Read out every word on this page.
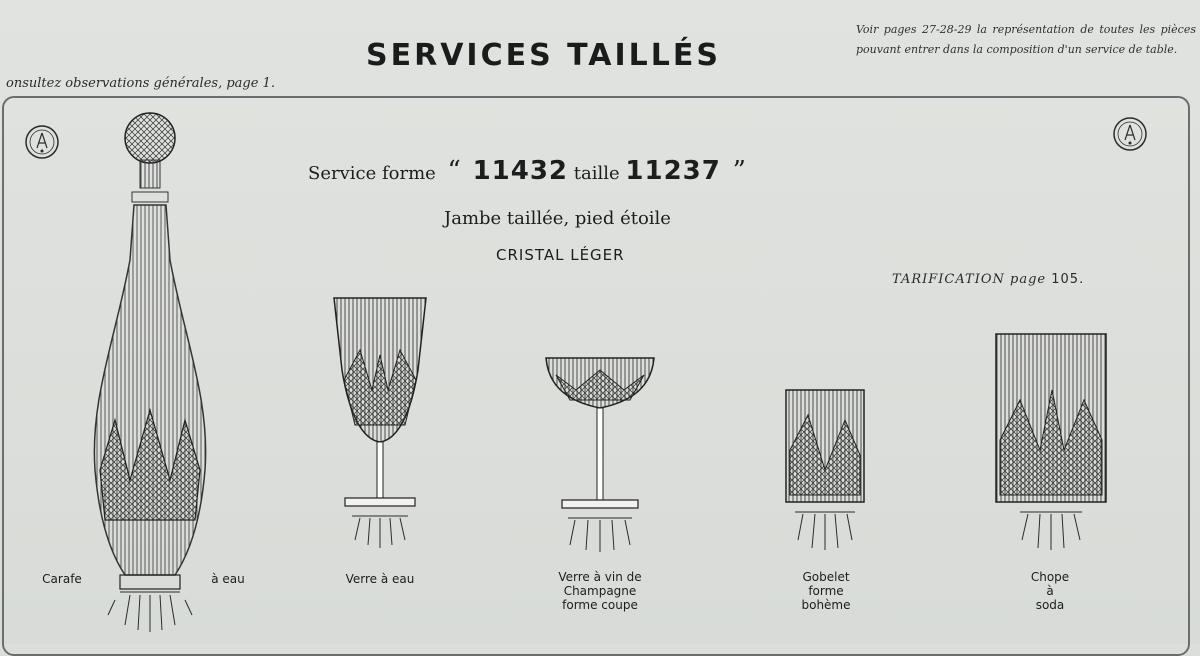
SERVICES TAILLÉS
onsultez observations générales, page 1.
Voir pages 27-28-29 la représentation de toutes les pièces pouvant entrer dans la composition d'un service de table.
Service forme “ 11432 taille 11237 ”
Jambe taillée, pied étoile
CRISTAL LÉGER
TARIFICATION page 105.
Carafe	à eau	Verre à eau	Verre à vin de
Champagne
forme coupe
Gobelet
forme
bohème
Chope
à
soda
